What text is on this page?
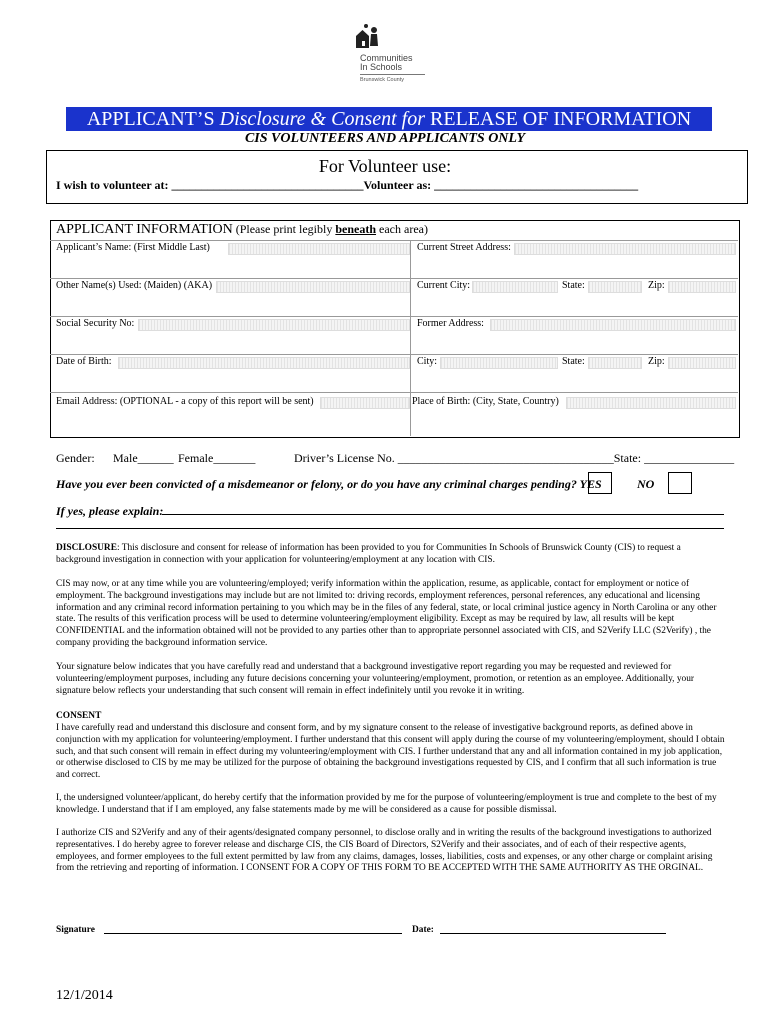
Communities
In Schools
Brunswick County
APPLICANT’S Disclosure & Consent for RELEASE OF INFORMATION
CIS VOLUNTEERS AND APPLICANTS ONLY
For Volunteer use:
I wish to volunteer at: ________________________________Volunteer as: __________________________________
APPLICANT INFORMATION (Please print legibly beneath each area)
Applicant’s Name: (First Middle Last)	Current Street Address:
Other Name(s) Used: (Maiden) (AKA)	Current City:	State:	Zip:
Social Security No:	Former Address:
Date of Birth:	City:	State:	Zip:
Email Address: (OPTIONAL - a copy of this report will be sent)	Place of Birth: (City, State, Country)
Gender: Male______ Female_______	Driver’s License No. ____________________________________State: _______________
Have you ever been convicted of a misdemeanor or felony, or do you have any criminal charges pending? YES	NO
If yes, please explain:
DISCLOSURE: This disclosure and consent for release of information has been provided to you for Communities In Schools of Brunswick County (CIS) to request a background investigation in connection with your application for volunteering/employment at any location with CIS.
CIS may now, or at any time while you are volunteering/employed; verify information within the application, resume, as applicable, contact for employment or notice of employment. The background investigations may include but are not limited to: driving records, employment references, personal references, any educational and licensing information and any criminal record information pertaining to you which may be in the files of any federal, state, or local criminal justice agency in North Carolina or any other state. The results of this verification process will be used to determine volunteering/employment eligibility. Except as may be required by law, all results will be kept CONFIDENTIAL and the information obtained will not be provided to any parties other than to appropriate personnel associated with CIS, and S2Verify LLC (S2Verify) , the company providing the background information service.
Your signature below indicates that you have carefully read and understand that a background investigative report regarding you may be requested and reviewed for volunteering/employment purposes, including any future decisions concerning your volunteering/employment, promotion, or retention as an employee. Additionally, your signature below reflects your understanding that such consent will remain in effect indefinitely until you revoke it in writing.
CONSENT
I have carefully read and understand this disclosure and consent form, and by my signature consent to the release of investigative background reports, as defined above in conjunction with my application for volunteering/employment. I further understand that this consent will apply during the course of my volunteering/employment, should I obtain such, and that such consent will remain in effect during my volunteering/employment with CIS. I further understand that any and all information contained in my job application, or otherwise disclosed to CIS by me may be utilized for the purpose of obtaining the background investigations requested by CIS, and I confirm that all such information is true and correct.
I, the undersigned volunteer/applicant, do hereby certify that the information provided by me for the purpose of volunteering/employment is true and complete to the best of my knowledge. I understand that if I am employed, any false statements made by me will be considered as a cause for possible dismissal.
I authorize CIS and S2Verify and any of their agents/designated company personnel, to disclose orally and in writing the results of the background investigations to authorized representatives. I do hereby agree to forever release and discharge CIS, the CIS Board of Directors, S2Verify and their associates, and of each of their respective agents, employees, and former employees to the full extent permitted by law from any claims, damages, losses, liabilities, costs and expenses, or any other charge or complaint arising from the retrieving and reporting of information. I CONSENT FOR A COPY OF THIS FORM TO BE ACCEPTED WITH THE SAME AUTHORITY AS THE ORGINAL.
Signature	Date:
12/1/2014
